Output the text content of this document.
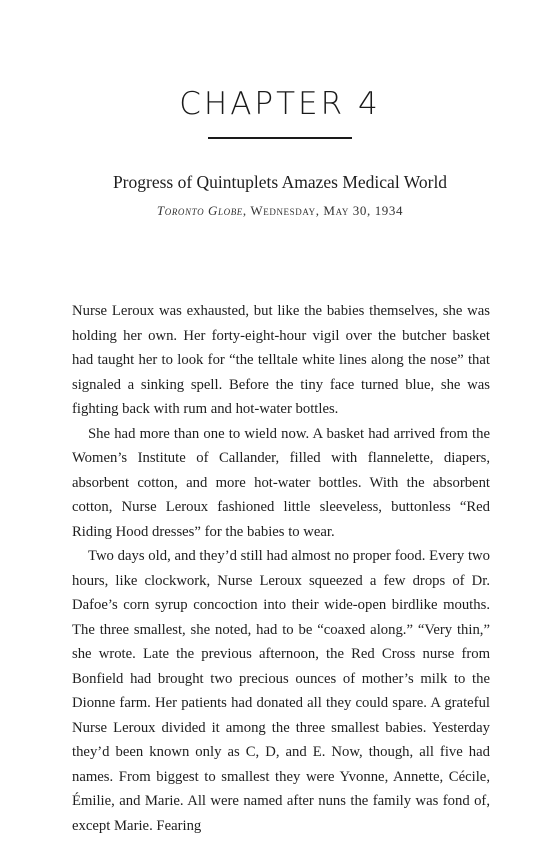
CHAPTER 4
Progress of Quintuplets Amazes Medical World
Toronto Globe, Wednesday, May 30, 1934

Nurse Leroux was exhausted, but like the babies themselves, she was holding her own. Her forty-eight-hour vigil over the butcher basket had taught her to look for “the telltale white lines along the nose” that signaled a sinking spell. Before the tiny face turned blue, she was fighting back with rum and hot-water bottles.

She had more than one to wield now. A basket had arrived from the Women’s Institute of Callander, filled with flannelette, diapers, absorbent cotton, and more hot-water bottles. With the absorbent cotton, Nurse Leroux fashioned little sleeveless, buttonless “Red Riding Hood dresses” for the babies to wear.

Two days old, and they’d still had almost no proper food. Every two hours, like clockwork, Nurse Leroux squeezed a few drops of Dr. Dafoe’s corn syrup concoction into their wide-open birdlike mouths. The three smallest, she noted, had to be “coaxed along.” “Very thin,” she wrote. Late the previous afternoon, the Red Cross nurse from Bonfield had brought two precious ounces of mother’s milk to the Dionne farm. Her patients had donated all they could spare. A grateful Nurse Leroux divided it among the three smallest babies. Yesterday they’d been known only as C, D, and E. Now, though, all five had names. From biggest to smallest they were Yvonne, Annette, Cécile, Émilie, and Marie. All were named after nuns the family was fond of, except Marie. Fearing
